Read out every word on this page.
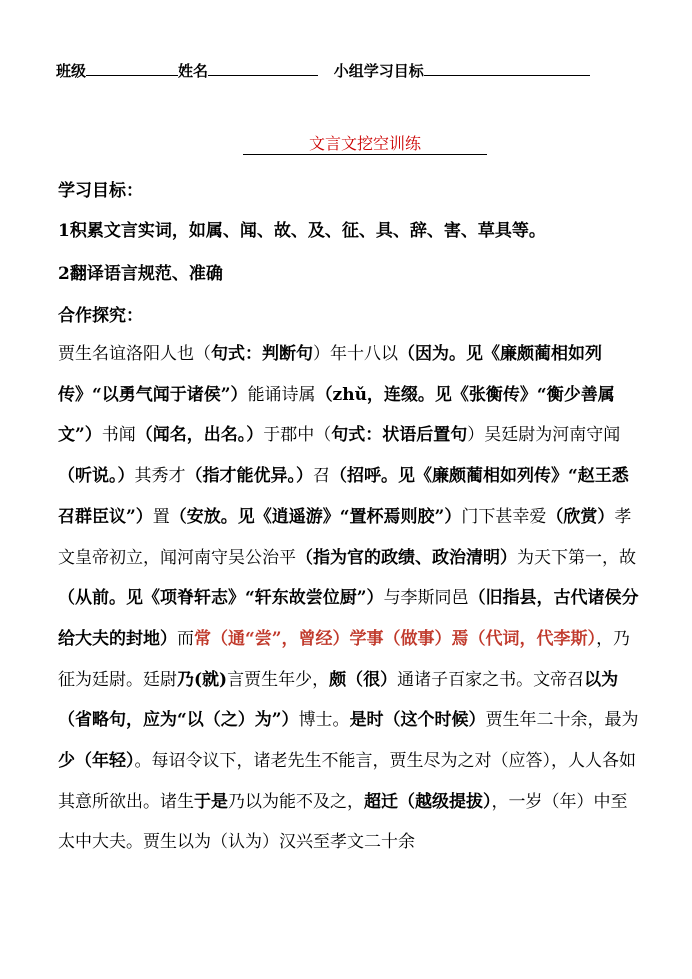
班级	姓名	小组学习目标
文言文挖空训练
学习目标：
1积累文言实词，如属、闻、故、及、征、具、辞、害、草具等。
2翻译语言规范、准确
合作探究：
贾生名谊洛阳人也（句式：判断句）年十八以（因为。见《廉颇蔺相如列传》“以勇气闻于诸侯”）能诵诗属（zhǔ，连缀。见《张衡传》“衡少善属文”）书闻（闻名，出名。）于郡中（句式：状语后置句）吴廷尉为河南守闻（听说。）其秀才（指才能优异。）召（招呼。见《廉颇蔺相如列传》“赵王悉召群臣议”）置（安放。见《逍遥游》“置杯焉则胶”）门下甚幸爱（欣赏）孝文皇帝初立，闻河南守吴公治平（指为官的政绩、政治清明）为天下第一，故（从前。见《项脊轩志》“轩东故尝位厨”）与李斯同邑（旧指县，古代诸侯分给大夫的封地）而常（通“尝”，曾经）学事（做事）焉（代词，代李斯），乃征为廷尉。廷尉乃(就)言贾生年少，颇（很）通诸子百家之书。文帝召以为（省略句，应为“以（之）为”）博士。是时（这个时候）贾生年二十余，最为少（年轻）。每诏令议下，诸老先生不能言，贾生尽为之对（应答），人人各如其意所欲出。诸生于是乃以为能不及之，超迁（越级提拔），一岁（年）中至太中大夫。贾生以为（认为）汉兴至孝文二十余
